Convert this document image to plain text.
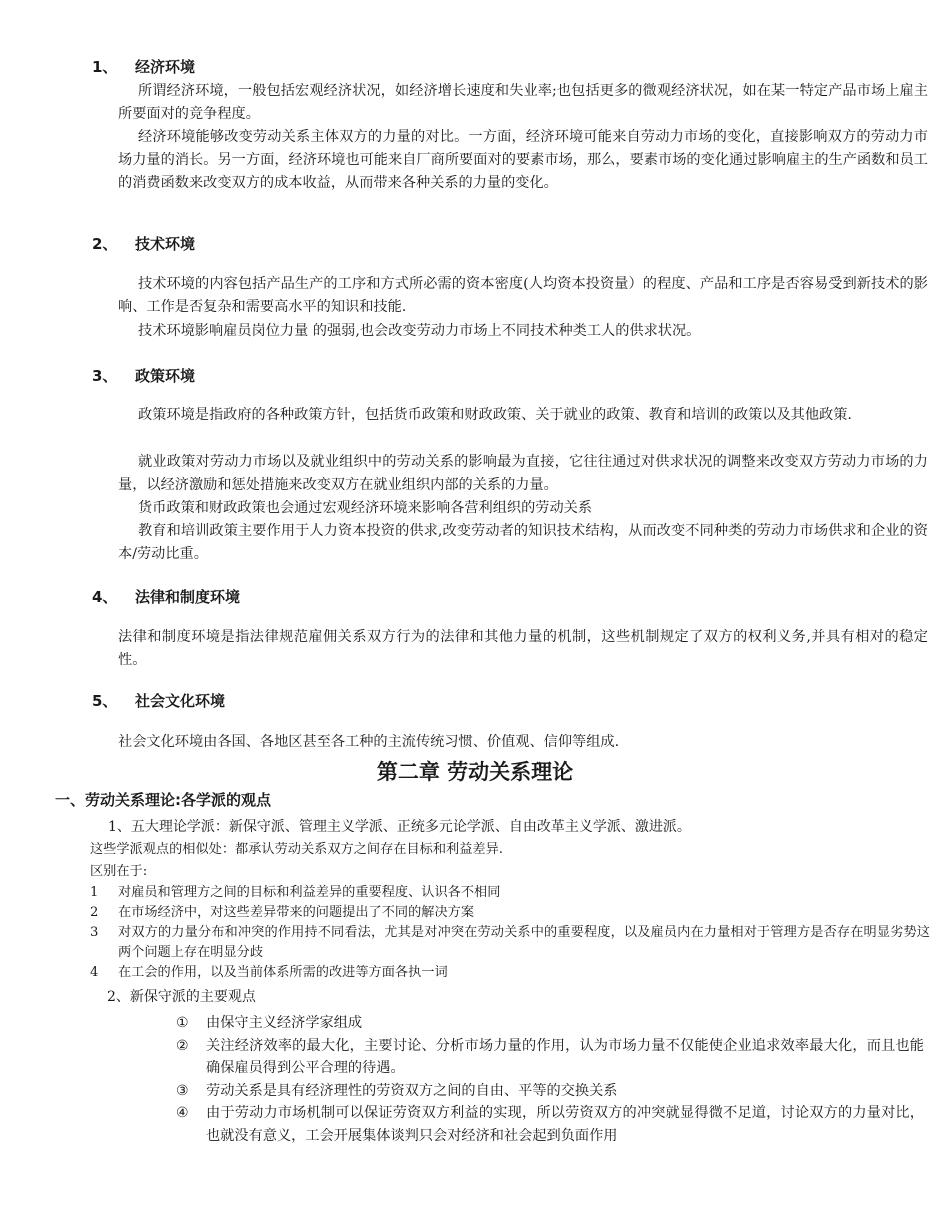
1、 经济环境
所谓经济环境，一般包括宏观经济状况，如经济增长速度和失业率;也包括更多的微观经济状况，如在某一特定产品市场上雇主所要面对的竞争程度。
经济环境能够改变劳动关系主体双方的力量的对比。一方面，经济环境可能来自劳动力市场的变化，直接影响双方的劳动力市场力量的消长。另一方面，经济环境也可能来自厂商所要面对的要素市场，那么，要素市场的变化通过影响雇主的生产函数和员工的消费函数来改变双方的成本收益，从而带来各种关系的力量的变化。
2、 技术环境
技术环境的内容包括产品生产的工序和方式所必需的资本密度(人均资本投资量）的程度、产品和工序是否容易受到新技术的影响、工作是否复杂和需要高水平的知识和技能.
技术环境影响雇员岗位力量 的强弱,也会改变劳动力市场上不同技术种类工人的供求状况。
3、 政策环境
政策环境是指政府的各种政策方针，包括货币政策和财政政策、关于就业的政策、教育和培训的政策以及其他政策.
就业政策对劳动力市场以及就业组织中的劳动关系的影响最为直接，它往往通过对供求状况的调整来改变双方劳动力市场的力量，以经济激励和惩处措施来改变双方在就业组织内部的关系的力量。
货币政策和财政政策也会通过宏观经济环境来影响各营利组织的劳动关系
教育和培训政策主要作用于人力资本投资的供求,改变劳动者的知识技术结构，从而改变不同种类的劳动力市场供求和企业的资本/劳动比重。
4、 法律和制度环境
法律和制度环境是指法律规范雇佣关系双方行为的法律和其他力量的机制，这些机制规定了双方的权利义务,并具有相对的稳定性。
5、 社会文化环境
社会文化环境由各国、各地区甚至各工种的主流传统习惯、价值观、信仰等组成.
第二章 劳动关系理论
一、劳动关系理论:各学派的观点
1、五大理论学派：新保守派、管理主义学派、正统多元论学派、自由改革主义学派、激进派。
这些学派观点的相似处：都承认劳动关系双方之间存在目标和利益差异.
区别在于:
1	对雇员和管理方之间的目标和利益差异的重要程度、认识各不相同
2	在市场经济中，对这些差异带来的问题提出了不同的解决方案
3	对双方的力量分布和冲突的作用持不同看法，尤其是对冲突在劳动关系中的重要程度，以及雇员内在力量相对于管理方是否存在明显劣势这两个问题上存在明显分歧
4	在工会的作用，以及当前体系所需的改进等方面各执一词
2、新保守派的主要观点
①	由保守主义经济学家组成
②	关注经济效率的最大化，主要讨论、分析市场力量的作用，认为市场力量不仅能使企业追求效率最大化，而且也能确保雇员得到公平合理的待遇。
③	劳动关系是具有经济理性的劳资双方之间的自由、平等的交换关系
④	由于劳动力市场机制可以保证劳资双方利益的实现，所以劳资双方的冲突就显得微不足道，讨论双方的力量对比，也就没有意义，工会开展集体谈判只会对经济和社会起到负面作用
